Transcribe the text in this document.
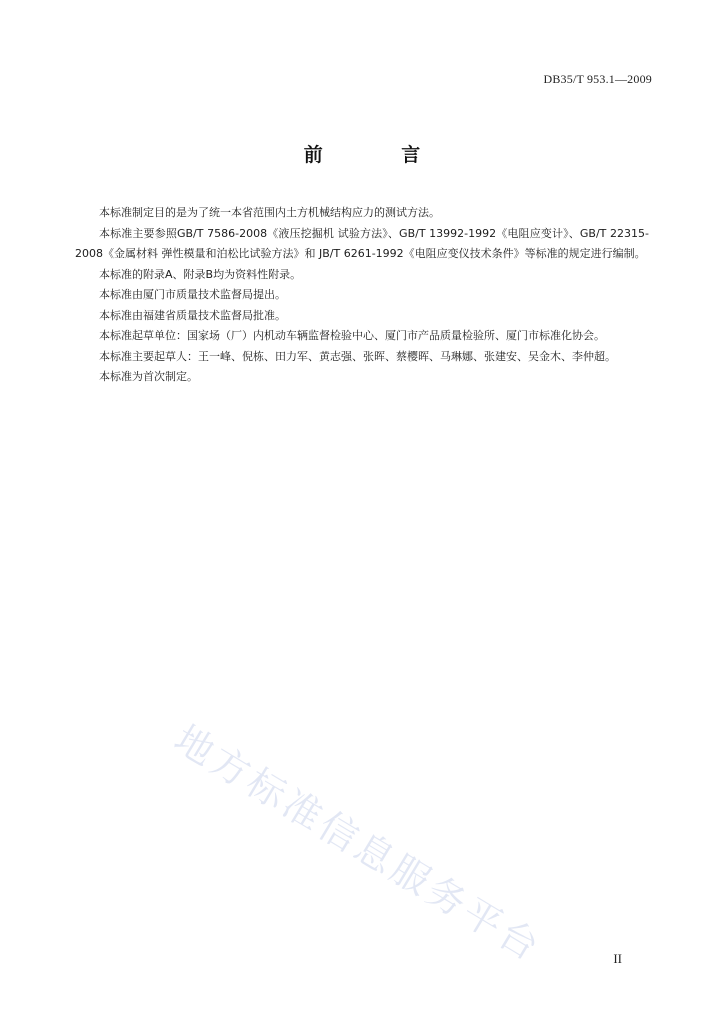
DB35/T 953.1—2009
前 言

本标准制定目的是为了统一本省范围内土方机械结构应力的测试方法。

本标准主要参照GB/T 7586-2008《液压挖掘机 试验方法》、GB/T 13992-1992《电阻应变计》、GB/T 22315-2008《金属材料 弹性模量和泊松比试验方法》和 JB/T 6261-1992《电阻应变仪技术条件》等标准的规定进行编制。

本标准的附录A、附录B均为资料性附录。

本标准由厦门市质量技术监督局提出。

本标准由福建省质量技术监督局批准。

本标准起草单位：国家场（厂）内机动车辆监督检验中心、厦门市产品质量检验所、厦门市标准化协会。

本标准主要起草人：王一峰、倪栋、田力军、黄志强、张晖、蔡樱晖、马琳娜、张建安、吴金木、李仲超。

本标准为首次制定。

地方标准信息服务平台	II
